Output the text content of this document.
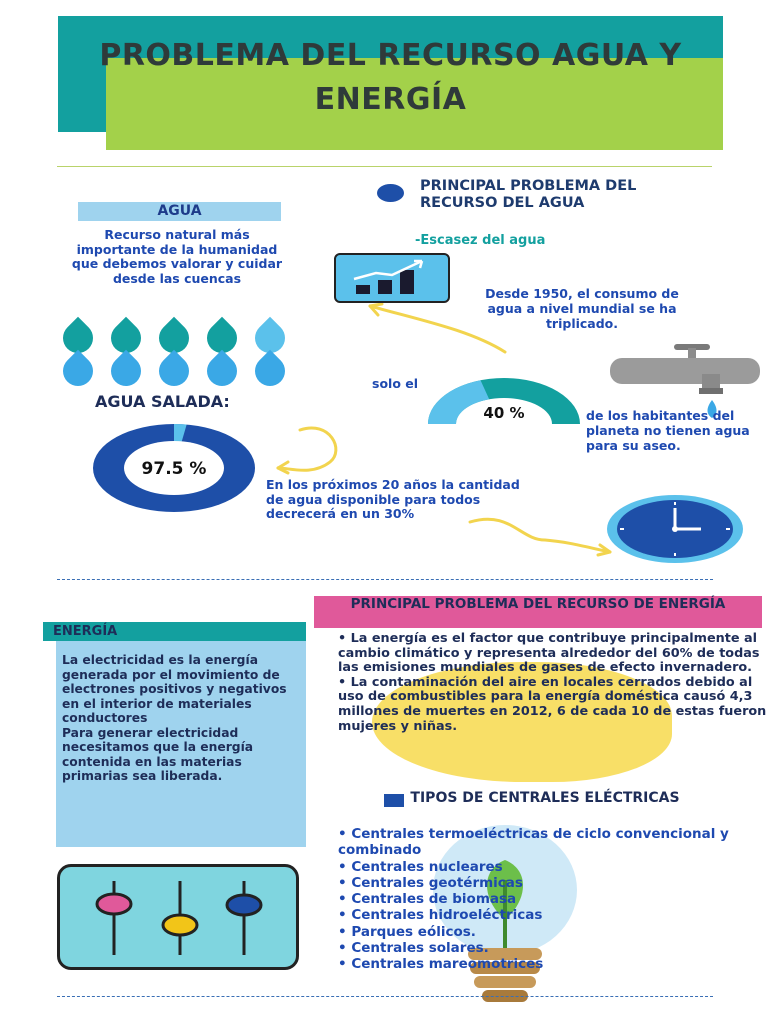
PROBLEMA DEL RECURSO AGUA Y
ENERGÍA
AGUA
Recurso natural más importante de la humanidad que debemos valorar y cuidar desde las cuencas
AGUA SALADA:
97.5 %
PRINCIPAL PROBLEMA DEL RECURSO DEL AGUA
-Escasez del agua
Desde 1950, el consumo de agua a nivel mundial se ha triplicado.
solo el
40 %	de los habitantes del planeta no tienen agua para su aseo.
En los próximos 20 años la cantidad de agua disponible para todos decrecerá en un 30%
PRINCIPAL PROBLEMA DEL RECURSO DE ENERGÍA
ENERGÍA
La electricidad es la energía generada por el movimiento de electrones positivos y negativos en el interior de materiales conductores
Para generar electricidad necesitamos que la energía contenida en las materias primarias sea liberada.
• La energía es el factor que contribuye principalmente al cambio climático y representa alrededor del 60% de todas las emisiones mundiales de gases de efecto invernadero.
• La contaminación del aire en locales cerrados debido al uso de combustibles para la energía doméstica causó 4,3 millones de muertes en 2012, 6 de cada 10 de estas fueron mujeres y niñas.
TIPOS DE CENTRALES ELÉCTRICAS
• Centrales termoeléctricas de ciclo convencional y combinado
• Centrales nucleares
• Centrales geotérmicas
• Centrales de biomasa
• Centrales hidroeléctricas
• Parques eólicos.
• Centrales solares.
• Centrales mareomotrices
